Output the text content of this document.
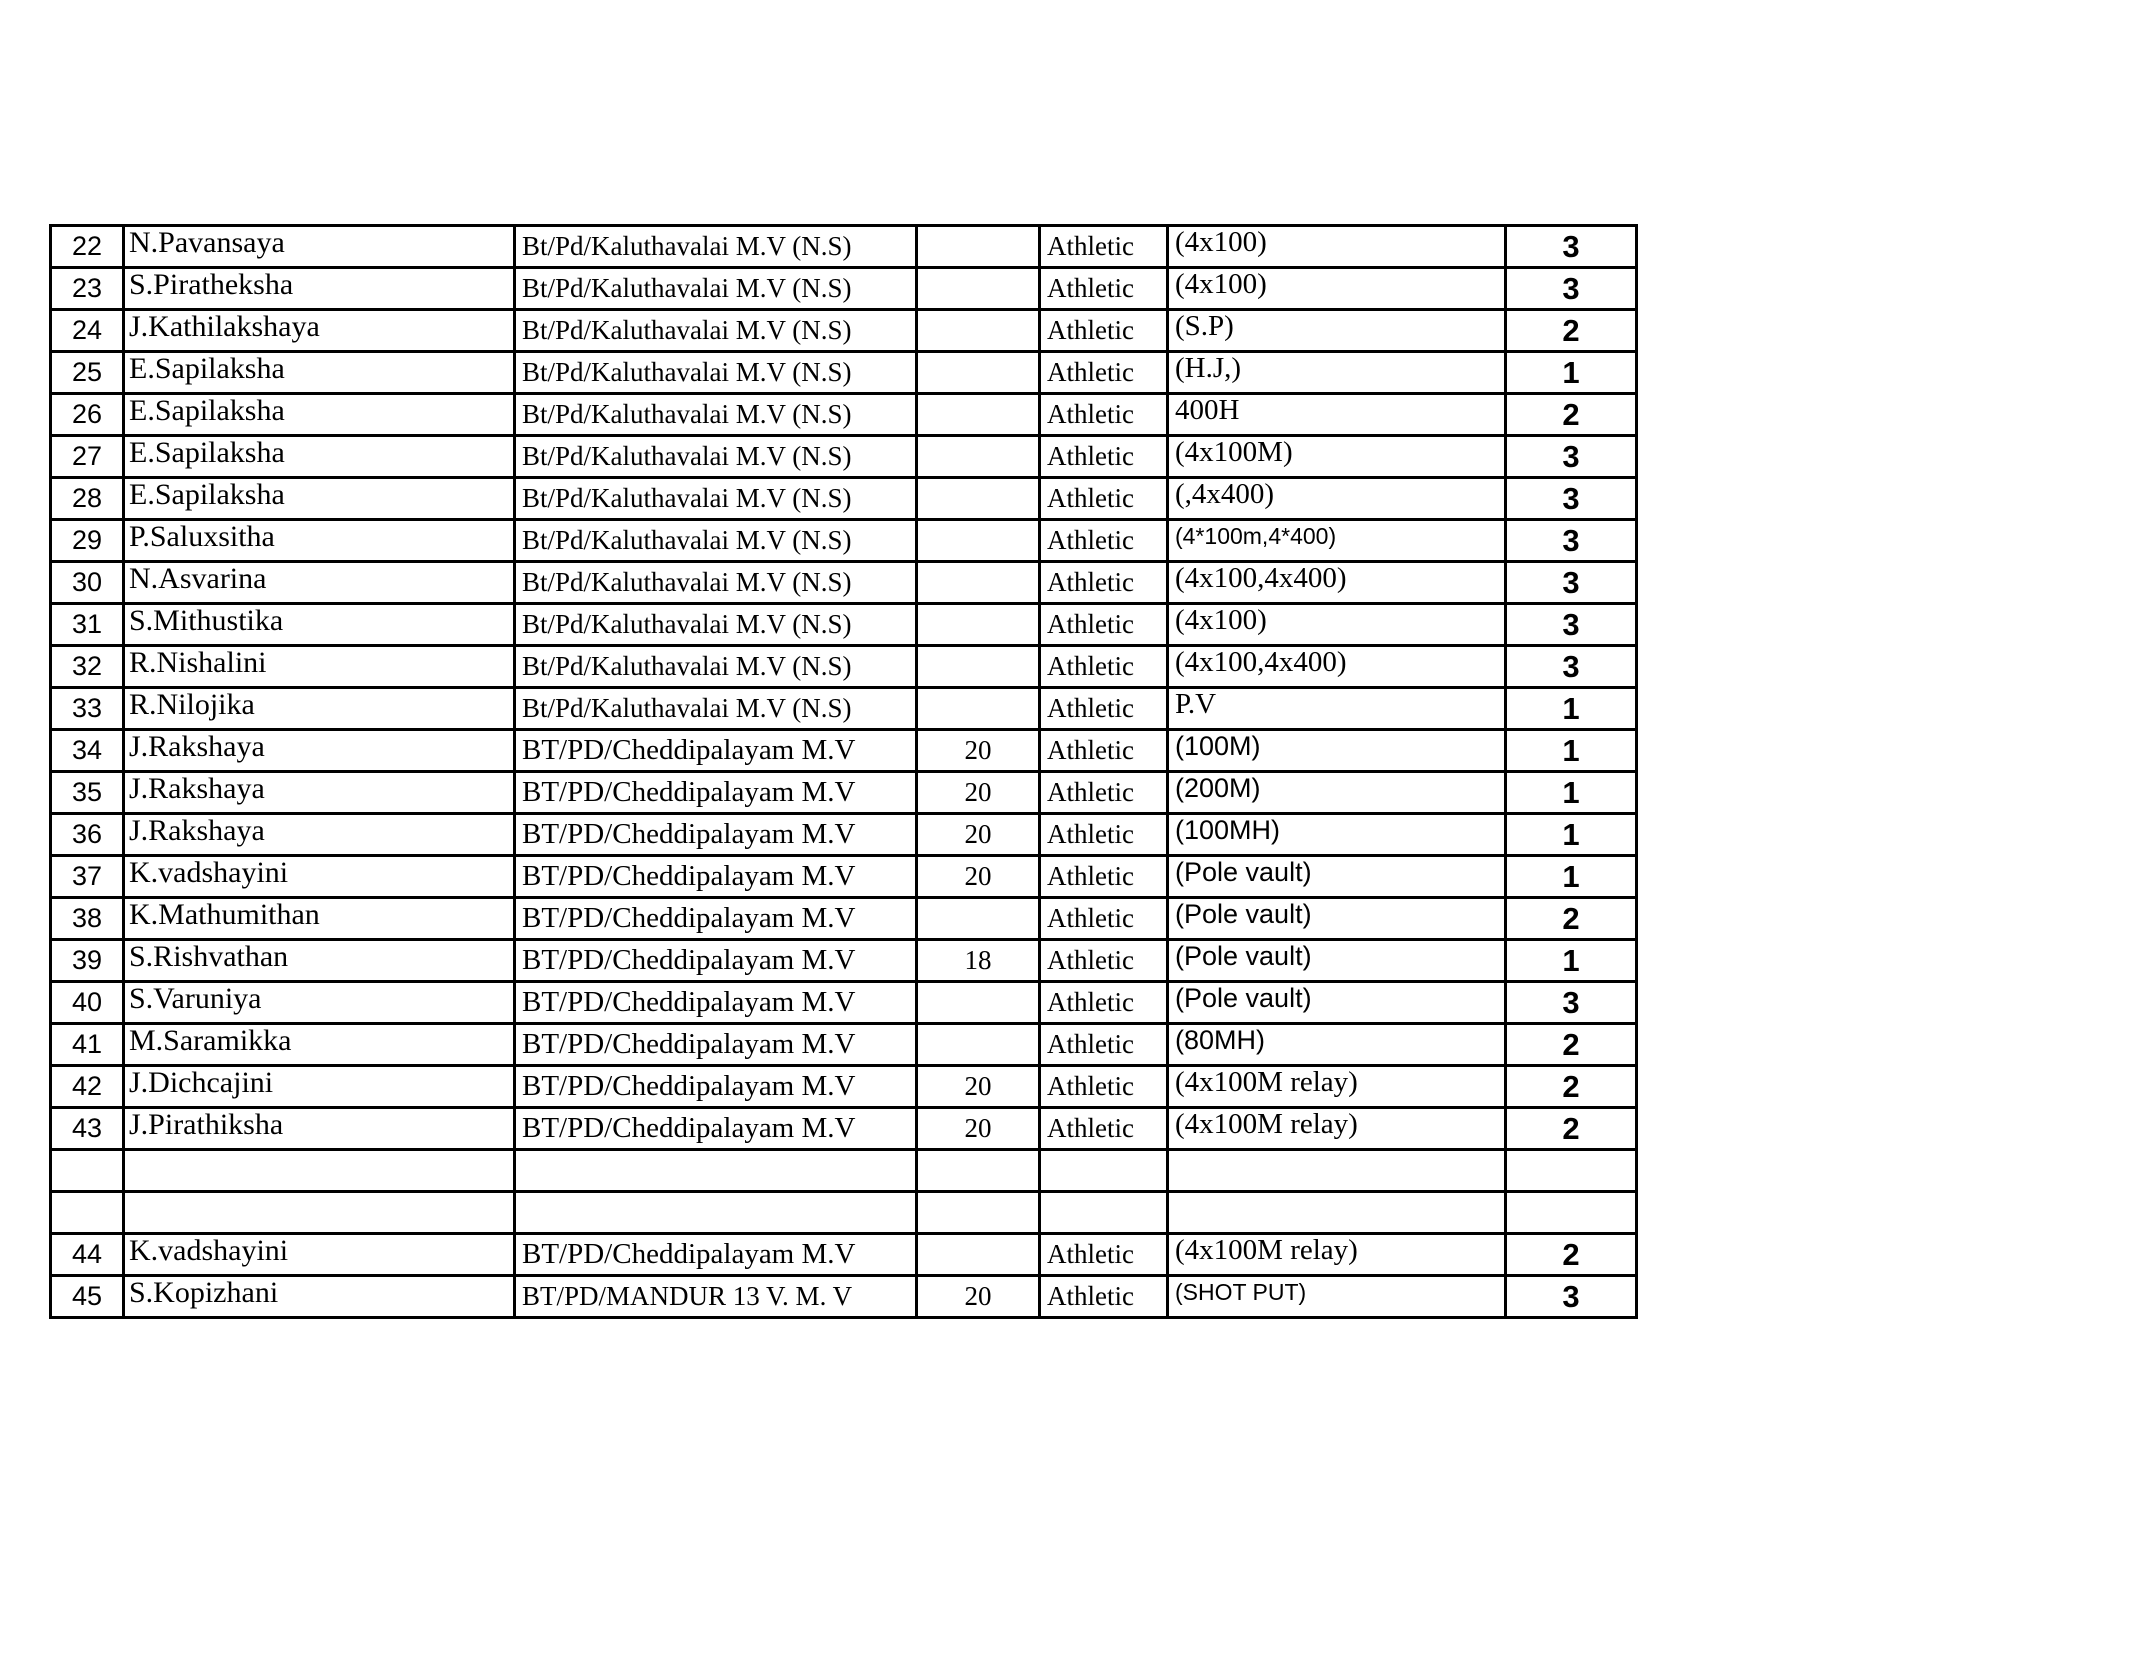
22	N.Pavansaya	Bt/Pd/Kaluthavalai M.V (N.S)		Athletic	(4x100)	3
23	S.Piratheksha	Bt/Pd/Kaluthavalai M.V (N.S)		Athletic	(4x100)	3
24	J.Kathilakshaya	Bt/Pd/Kaluthavalai M.V (N.S)		Athletic	(S.P)	2
25	E.Sapilaksha	Bt/Pd/Kaluthavalai M.V (N.S)		Athletic	(H.J,)	1
26	E.Sapilaksha	Bt/Pd/Kaluthavalai M.V (N.S)		Athletic	400H	2
27	E.Sapilaksha	Bt/Pd/Kaluthavalai M.V (N.S)		Athletic	(4x100M)	3
28	E.Sapilaksha	Bt/Pd/Kaluthavalai M.V (N.S)		Athletic	(,4x400)	3
29	P.Saluxsitha	Bt/Pd/Kaluthavalai M.V (N.S)		Athletic	(4*100m,4*400)	3
30	N.Asvarina	Bt/Pd/Kaluthavalai M.V (N.S)		Athletic	(4x100,4x400)	3
31	S.Mithustika	Bt/Pd/Kaluthavalai M.V (N.S)		Athletic	(4x100)	3
32	R.Nishalini	Bt/Pd/Kaluthavalai M.V (N.S)		Athletic	(4x100,4x400)	3
33	R.Nilojika	Bt/Pd/Kaluthavalai M.V (N.S)		Athletic	P.V	1
34	J.Rakshaya	BT/PD/Cheddipalayam M.V	20	Athletic	(100M)	1
35	J.Rakshaya	BT/PD/Cheddipalayam M.V	20	Athletic	(200M)	1
36	J.Rakshaya	BT/PD/Cheddipalayam M.V	20	Athletic	(100MH)	1
37	K.vadshayini	BT/PD/Cheddipalayam M.V	20	Athletic	(Pole vault)	1
38	K.Mathumithan	BT/PD/Cheddipalayam M.V		Athletic	(Pole vault)	2
39	S.Rishvathan	BT/PD/Cheddipalayam M.V	18	Athletic	(Pole vault)	1
40	S.Varuniya	BT/PD/Cheddipalayam M.V		Athletic	(Pole vault)	3
41	M.Saramikka	BT/PD/Cheddipalayam M.V		Athletic	(80MH)	2
42	J.Dichcajini	BT/PD/Cheddipalayam M.V	20	Athletic	(4x100M relay)	2
43	J.Pirathiksha	BT/PD/Cheddipalayam M.V	20	Athletic	(4x100M relay)	2

44	K.vadshayini	BT/PD/Cheddipalayam M.V		Athletic	(4x100M relay)	2
45	S.Kopizhani	BT/PD/MANDUR 13 V. M. V	20	Athletic	(SHOT PUT)	3
